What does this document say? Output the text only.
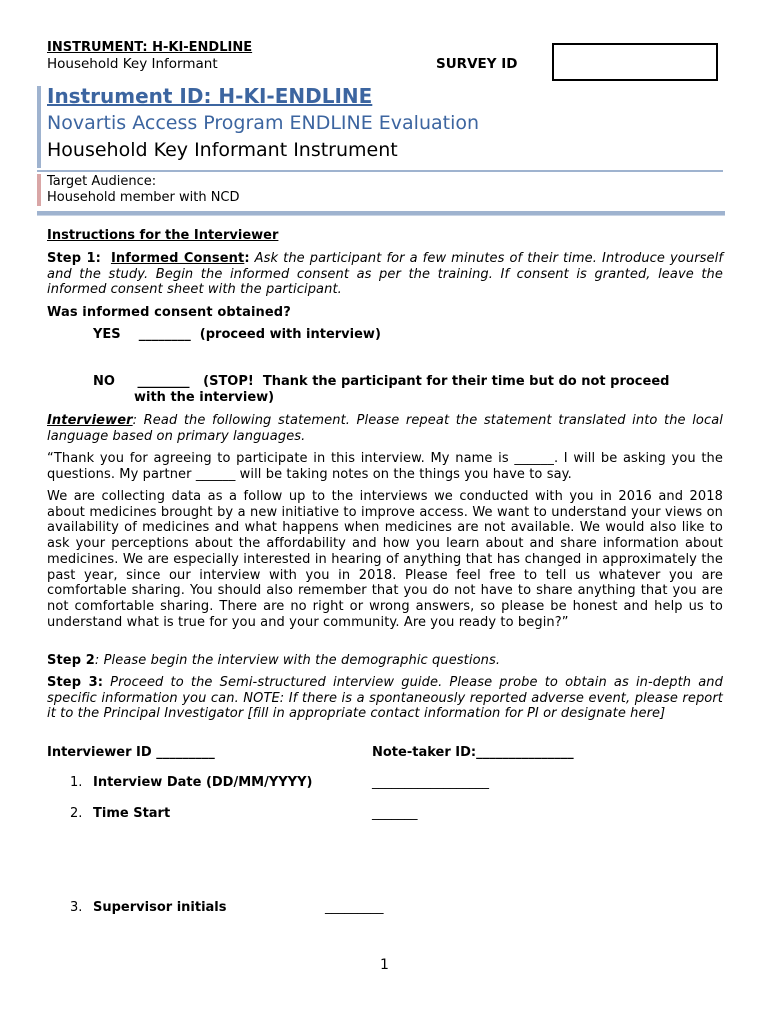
INSTRUMENT: H-KI-ENDLINE
Household Key Informant	SURVEY ID
Instrument ID: H-KI-ENDLINE
Novartis Access Program ENDLINE Evaluation
Household Key Informant Instrument
Target Audience:
Household member with NCD
Instructions for the Interviewer
Step 1: Informed Consent: Ask the participant for a few minutes of their time. Introduce yourself and the study. Begin the informed consent as per the training. If consent is granted, leave the informed consent sheet with the participant.
Was informed consent obtained?
YES    ________  (proceed with interview)
NO     ________   (STOP!  Thank the participant for their time but do not proceed
with the interview)
Interviewer: Read the following statement. Please repeat the statement translated into the local language based on primary languages.
“Thank you for agreeing to participate in this interview. My name is ______. I will be asking you the questions. My partner ______ will be taking notes on the things you have to say.
We are collecting data as a follow up to the interviews we conducted with you in 2016 and 2018 about medicines brought by a new initiative to improve access. We want to understand your views on availability of medicines and what happens when medicines are not available. We would also like to ask your perceptions about the affordability and how you learn about and share information about medicines. We are especially interested in hearing of anything that has changed in approximately the past year, since our interview with you in 2018. Please feel free to tell us whatever you are comfortable sharing. You should also remember that you do not have to share anything that you are not comfortable sharing. There are no right or wrong answers, so please be honest and help us to understand what is true for you and your community. Are you ready to begin?”
Step 2: Please begin the interview with the demographic questions.
Step 3: Proceed to the Semi-structured interview guide. Please probe to obtain as in-depth and specific information you can. NOTE: If there is a spontaneously reported adverse event, please report it to the Principal Investigator [fill in appropriate contact information for PI or designate here]
Interviewer ID _________	Note-taker ID:_______________
1. Interview Date (DD/MM/YYYY)	__________________
2. Time Start	_______
3. Supervisor initials	_________
1
